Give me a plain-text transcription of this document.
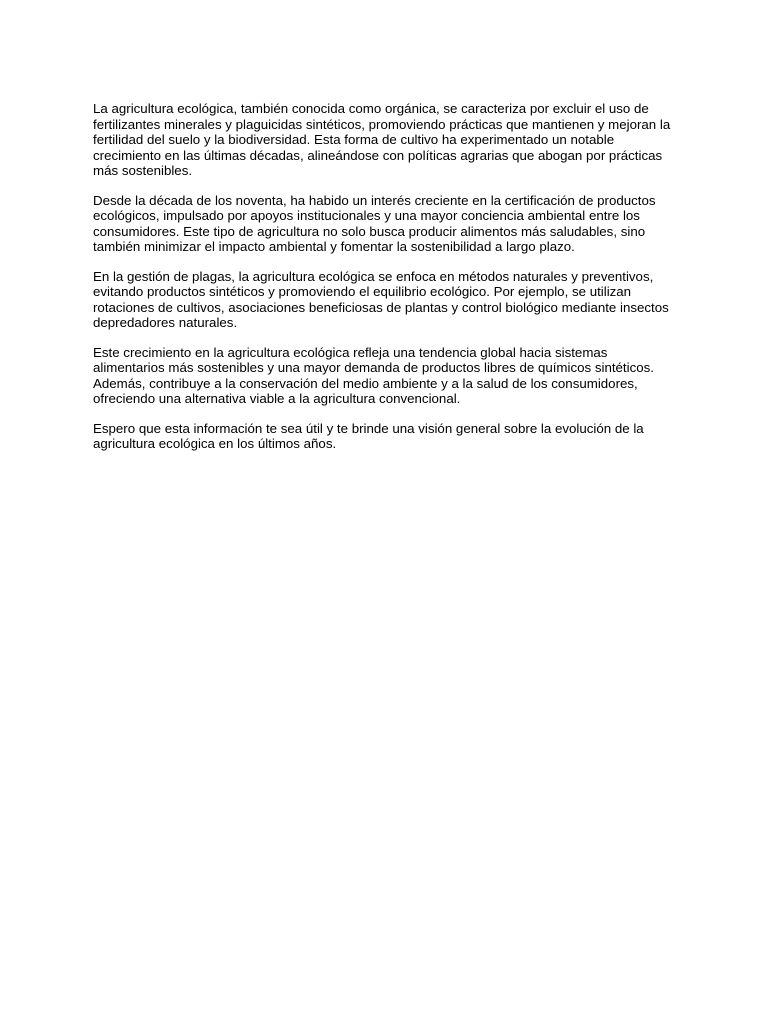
La agricultura ecológica, también conocida como orgánica, se caracteriza por excluir el uso de fertilizantes minerales y plaguicidas sintéticos, promoviendo prácticas que mantienen y mejoran la fertilidad del suelo y la biodiversidad. Esta forma de cultivo ha experimentado un notable crecimiento en las últimas décadas, alineándose con políticas agrarias que abogan por prácticas más sostenibles.

Desde la década de los noventa, ha habido un interés creciente en la certificación de productos ecológicos, impulsado por apoyos institucionales y una mayor conciencia ambiental entre los consumidores. Este tipo de agricultura no solo busca producir alimentos más saludables, sino también minimizar el impacto ambiental y fomentar la sostenibilidad a largo plazo.

En la gestión de plagas, la agricultura ecológica se enfoca en métodos naturales y preventivos, evitando productos sintéticos y promoviendo el equilibrio ecológico. Por ejemplo, se utilizan rotaciones de cultivos, asociaciones beneficiosas de plantas y control biológico mediante insectos depredadores naturales.

Este crecimiento en la agricultura ecológica refleja una tendencia global hacia sistemas alimentarios más sostenibles y una mayor demanda de productos libres de químicos sintéticos. Además, contribuye a la conservación del medio ambiente y a la salud de los consumidores, ofreciendo una alternativa viable a la agricultura convencional.

Espero que esta información te sea útil y te brinde una visión general sobre la evolución de la agricultura ecológica en los últimos años.
